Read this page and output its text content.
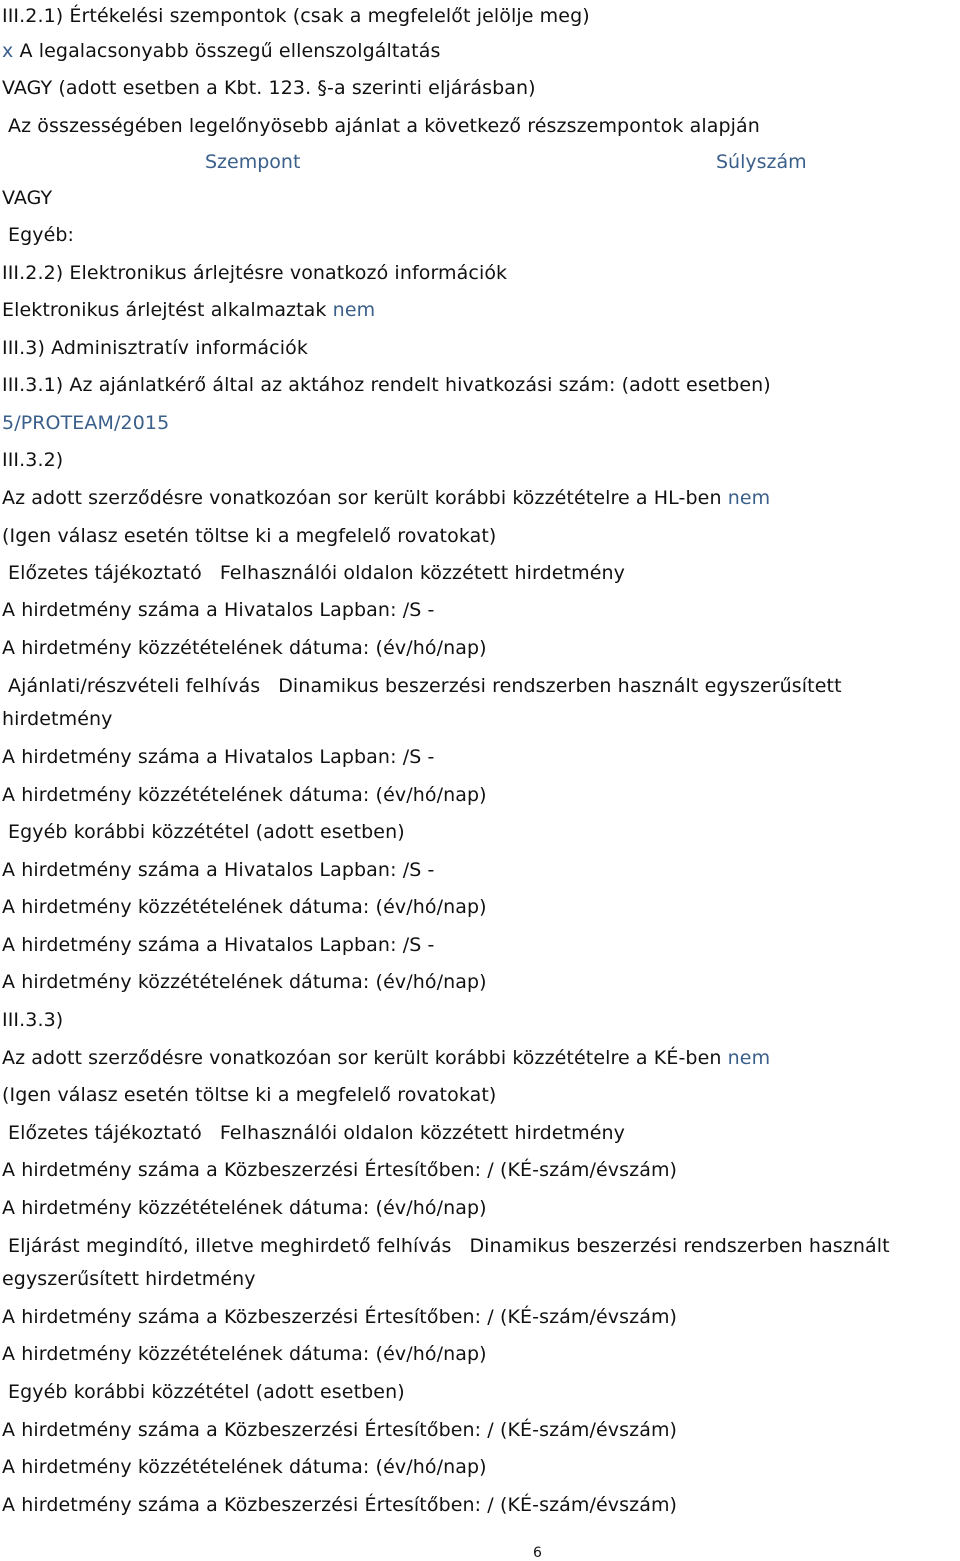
III.2.1) Értékelési szempontok (csak a megfelelőt jelölje meg)
x A legalacsonyabb összegű ellenszolgáltatás
VAGY (adott esetben a Kbt. 123. §-a szerinti eljárásban)
Az összességében legelőnyösebb ajánlat a következő részszempontok alapján
Szempont	Súlyszám
VAGY
Egyéb:
III.2.2) Elektronikus árlejtésre vonatkozó információk
Elektronikus árlejtést alkalmaztak nem
III.3) Adminisztratív információk
III.3.1) Az ajánlatkérő által az aktához rendelt hivatkozási szám: (adott esetben)
5/PROTEAM/2015
III.3.2)
Az adott szerződésre vonatkozóan sor került korábbi közzétételre a HL-ben nem
(Igen válasz esetén töltse ki a megfelelő rovatokat)
Előzetes tájékoztató Felhasználói oldalon közzétett hirdetmény
A hirdetmény száma a Hivatalos Lapban: /S -
A hirdetmény közzétételének dátuma: (év/hó/nap)
Ajánlati/részvételi felhívás Dinamikus beszerzési rendszerben használt egyszerűsített
hirdetmény
A hirdetmény száma a Hivatalos Lapban: /S -
A hirdetmény közzétételének dátuma: (év/hó/nap)
Egyéb korábbi közzététel (adott esetben)
A hirdetmény száma a Hivatalos Lapban: /S -
A hirdetmény közzétételének dátuma: (év/hó/nap)
A hirdetmény száma a Hivatalos Lapban: /S -
A hirdetmény közzétételének dátuma: (év/hó/nap)
III.3.3)
Az adott szerződésre vonatkozóan sor került korábbi közzétételre a KÉ-ben nem
(Igen válasz esetén töltse ki a megfelelő rovatokat)
Előzetes tájékoztató Felhasználói oldalon közzétett hirdetmény
A hirdetmény száma a Közbeszerzési Értesítőben: / (KÉ-szám/évszám)
A hirdetmény közzétételének dátuma: (év/hó/nap)
Eljárást megindító, illetve meghirdető felhívás Dinamikus beszerzési rendszerben használt
egyszerűsített hirdetmény
A hirdetmény száma a Közbeszerzési Értesítőben: / (KÉ-szám/évszám)
A hirdetmény közzétételének dátuma: (év/hó/nap)
Egyéb korábbi közzététel (adott esetben)
A hirdetmény száma a Közbeszerzési Értesítőben: / (KÉ-szám/évszám)
A hirdetmény közzétételének dátuma: (év/hó/nap)
A hirdetmény száma a Közbeszerzési Értesítőben: / (KÉ-szám/évszám)
6
